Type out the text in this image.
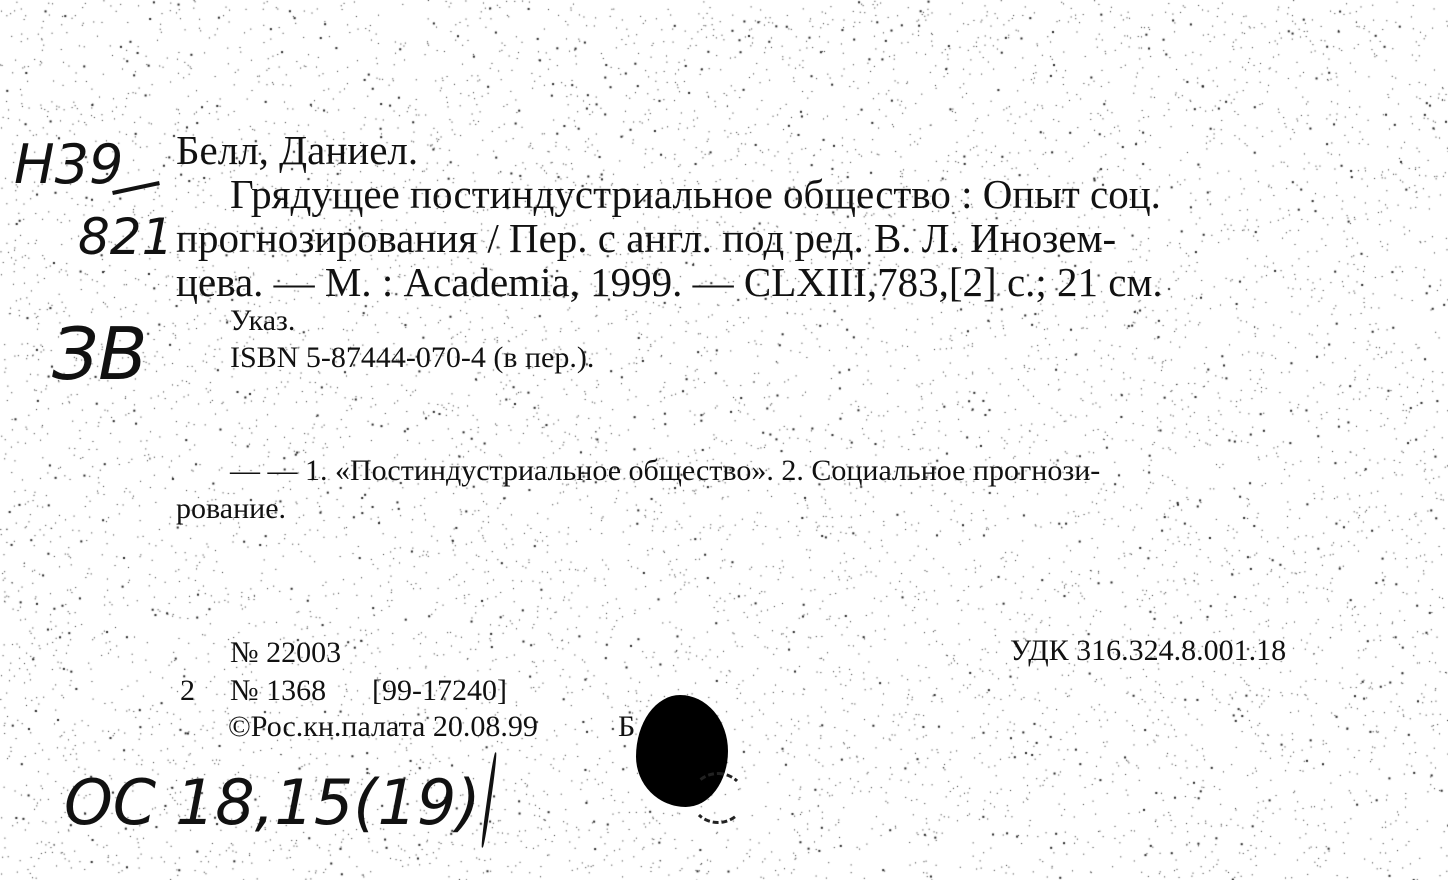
Н39
821
ЗВ
ОС 18,15(19)

Белл, Даниел.

Грядущее постиндустриальное общество : Опыт соц.

прогнозирования / Пер. с англ. под ред. В. Л. Инозем-

цева. — М. : Academia, 1999. — CLXIII,783,[2] с.; 21 см.

Указ.

ISBN 5-87444-070-4 (в пер.).

— — 1. «Постиндустриальное общество». 2. Социальное прогнози-

рование.

№ 22003	УДК 316.324.8.001.18

2 № 1368 [99-17240]

©Рос.кн.палата 20.08.99	Б
